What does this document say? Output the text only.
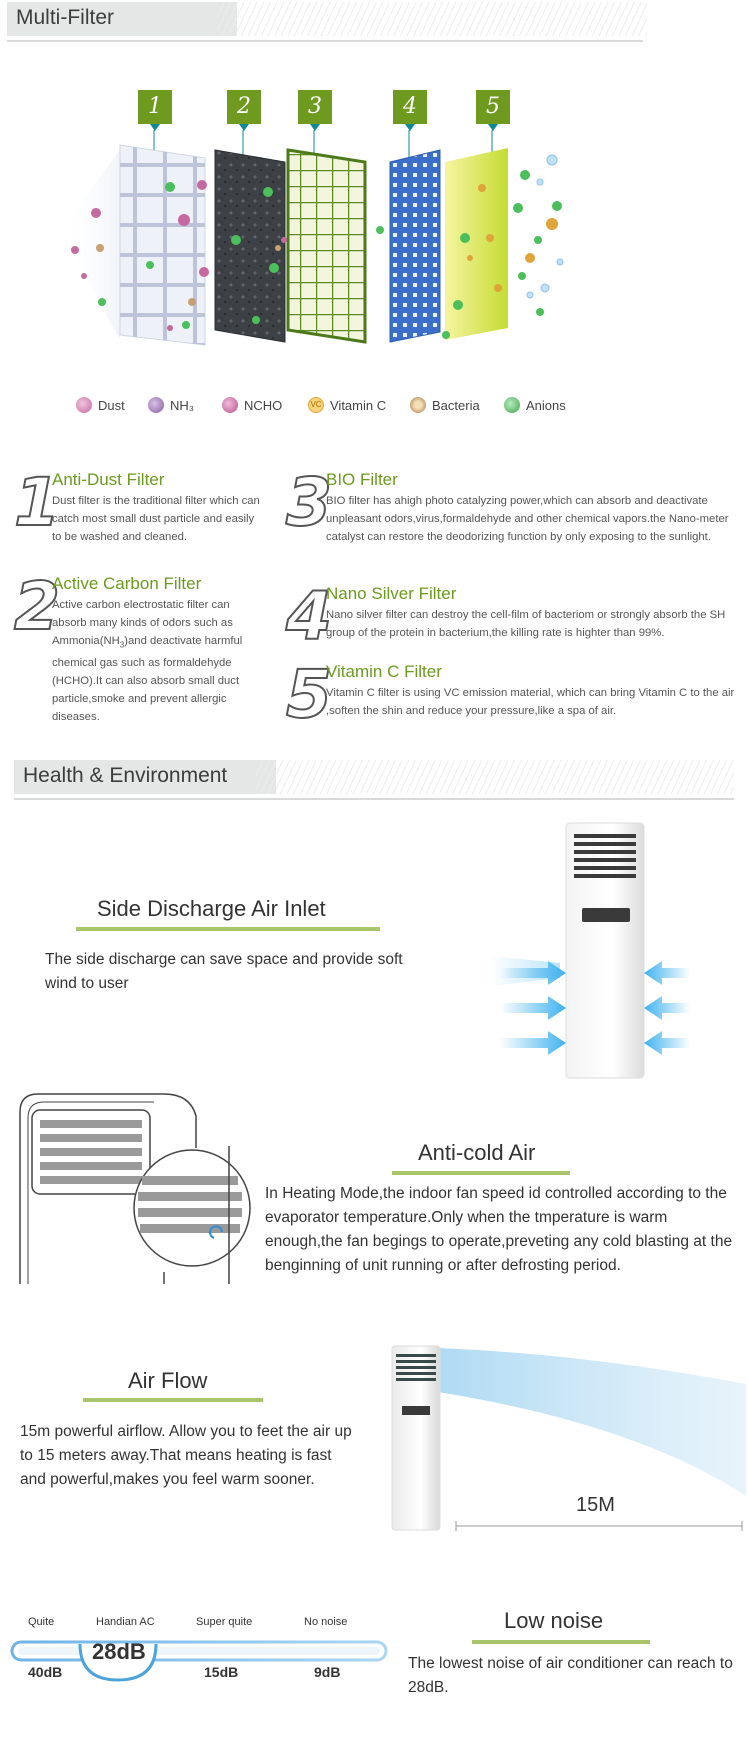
Multi-Filter
1	2	3	4	5
Dust	NH₃	NCHO	VC Vitamin C	Bacteria	Anions
1
Anti-Dust Filter
Dust filter is the traditional filter which can catch most small dust particle and easily to be washed and cleaned.
2
Active Carbon Filter
Active carbon electrostatic filter can absorb many kinds of odors such as $Ammonia(NH_3)and$ deactivate harmful chemical gas such as formaldehyde (HCHO).It can also absorb small duct particle,smoke and prevent allergic diseases.
3
BIO Filter
BIO filter has ahigh photo catalyzing power,which can absorb and deactivate unpleasant odors,virus,formaldehyde and other chemical vapors.the Nano-meter catalyst can restore the deodorizing function by only exposing to the sunlight.
4
Nano Silver Filter
Nano silver filter can destroy the cell-film of bacteriom or strongly absorb the SH group of the protein in bacterium,the killing rate is highter than 99%.
5
Vitamin C Filter
Vitamin C filter is using VC emission material, which can bring Vitamin C to the air ,soften the shin and reduce your pressure,like a spa of air.
Health & Environment
Side Discharge Air Inlet
The side discharge can save space and provide soft wind to user
Anti-cold Air
In Heating Mode,the indoor fan speed id controlled according to the evaporator temperature.Only when the tmperature is warm enough,the fan begings to operate,preveting any cold blasting at the benginning of unit running or after defrosting period.
Air Flow
15m powerful airflow. Allow you to feet the air up to 15 meters away.That means heating is fast and powerful,makes you feel warm sooner.
15M
Quite	Handian AC	Super quite	No noise
40dB
28dB
15dB	9dB
Low noise
The lowest noise of air conditioner can reach to 28dB.
